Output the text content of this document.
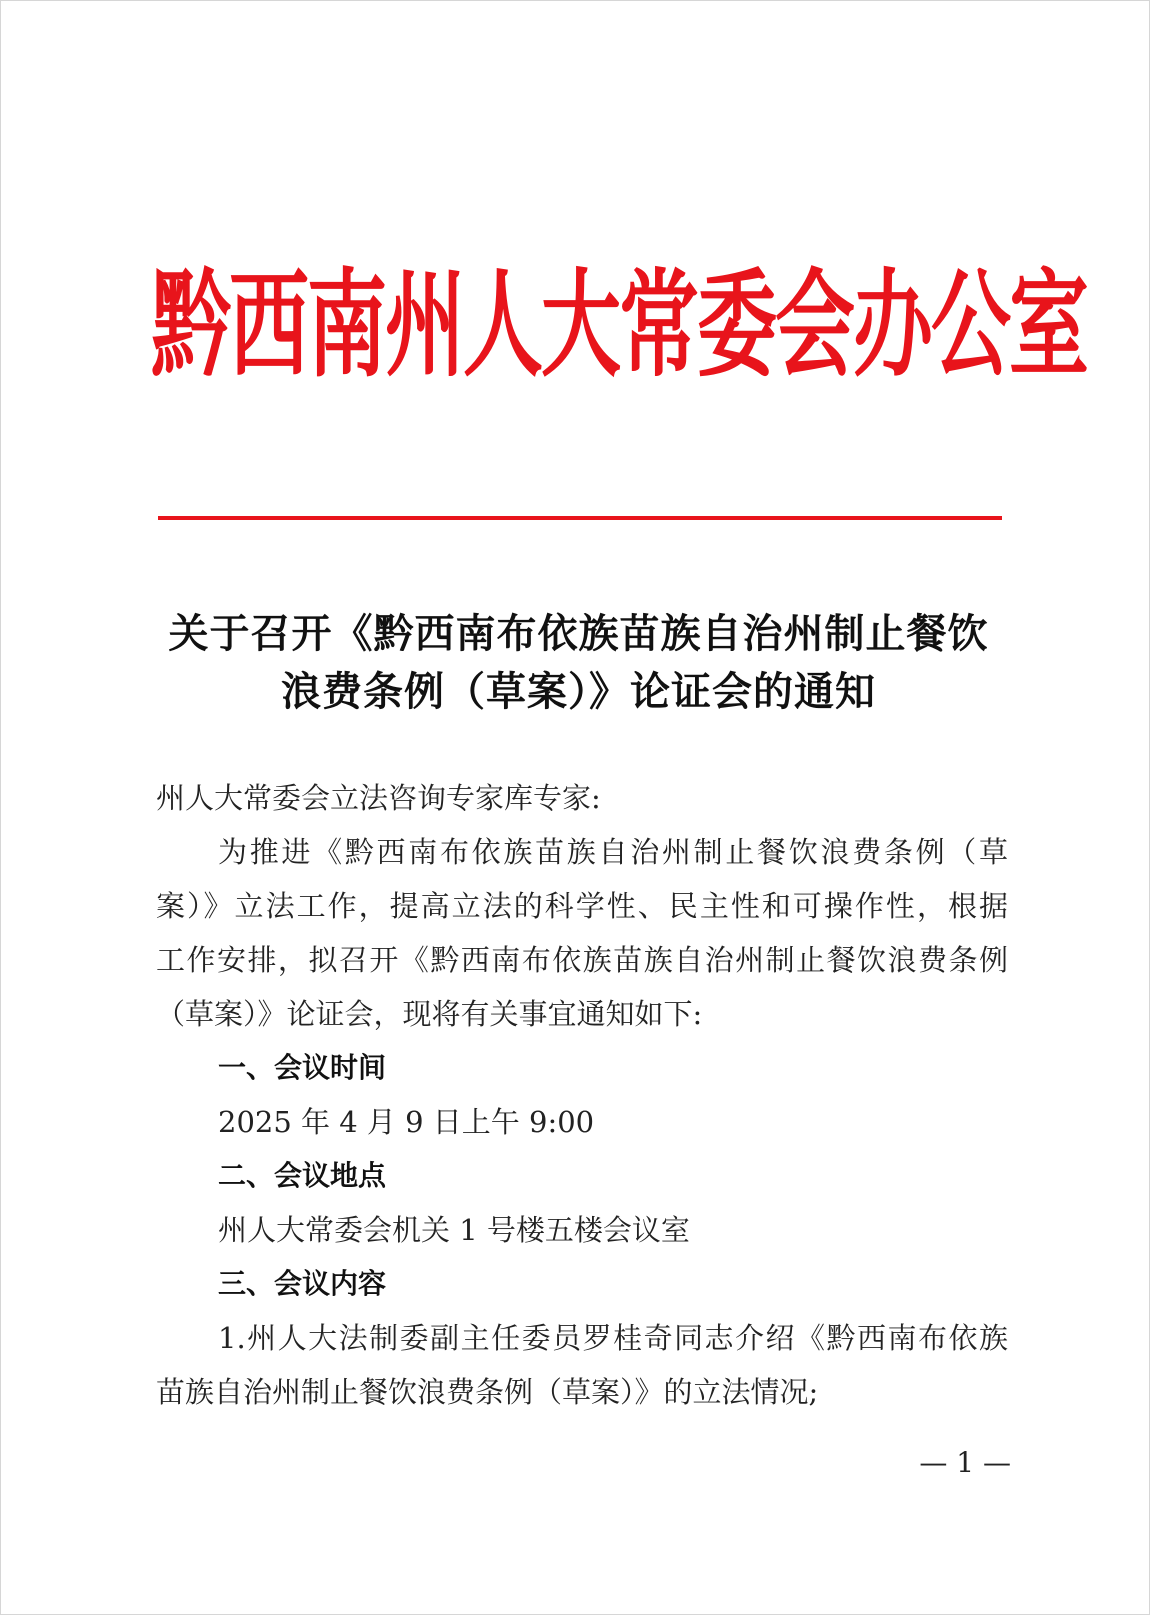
黔西南州人大常委会办公室
关于召开《黔西南布依族苗族自治州制止餐饮
浪费条例（草案）》论证会的通知
州人大常委会立法咨询专家库专家:
为推进《黔西南布依族苗族自治州制止餐饮浪费条例（草
案）》立法工作，提高立法的科学性、民主性和可操作性，根据
工作安排，拟召开《黔西南布依族苗族自治州制止餐饮浪费条例
（草案）》论证会，现将有关事宜通知如下:
一、会议时间
2025 年 4 月 9 日上午 9:00
二、会议地点
州人大常委会机关 1 号楼五楼会议室
三、会议内容
1.州人大法制委副主任委员罗桂奇同志介绍《黔西南布依族
苗族自治州制止餐饮浪费条例（草案）》的立法情况;
— 1 —
